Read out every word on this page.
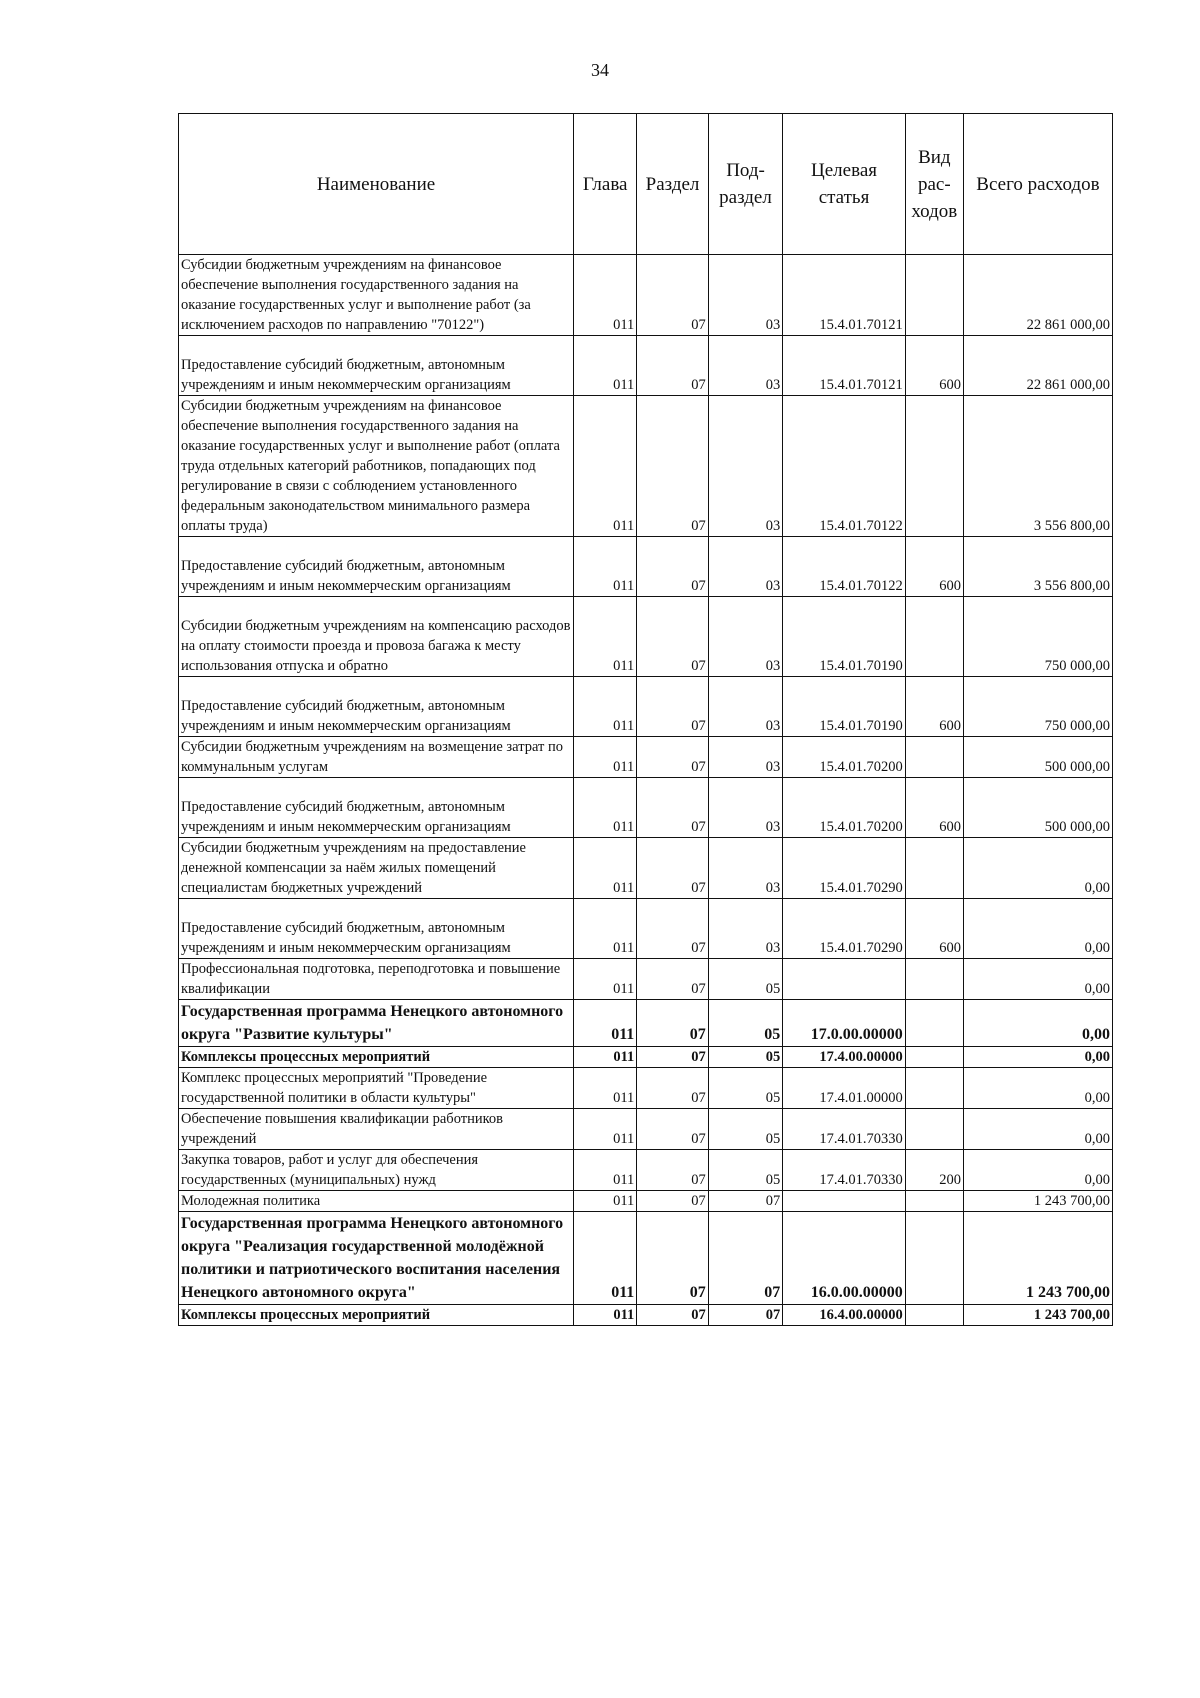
34
Наименование	Глава	Раздел	Под- раздел	Целевая статья	Вид рас- ходов	Всего расходов
Субсидии бюджетным учреждениям на финансовое обеспечение выполнения государственного задания на оказание государственных услуг и выполнение работ (за исключением расходов по направлению "70122")	011	07	03	15.4.01.70121		22 861 000,00
Предоставление субсидий бюджетным, автономным учреждениям и иным некоммерческим организациям	011	07	03	15.4.01.70121	600	22 861 000,00
Субсидии бюджетным учреждениям на финансовое обеспечение выполнения государственного задания на оказание государственных услуг и выполнение работ (оплата труда отдельных категорий работников, попадающих под регулирование в связи с соблюдением установленного федеральным законодательством минимального размера оплаты труда)	011	07	03	15.4.01.70122		3 556 800,00
Предоставление субсидий бюджетным, автономным учреждениям и иным некоммерческим организациям	011	07	03	15.4.01.70122	600	3 556 800,00
Субсидии бюджетным учреждениям на компенсацию расходов на оплату стоимости проезда и провоза багажа к месту использования отпуска и обратно	011	07	03	15.4.01.70190		750 000,00
Предоставление субсидий бюджетным, автономным учреждениям и иным некоммерческим организациям	011	07	03	15.4.01.70190	600	750 000,00
Субсидии бюджетным учреждениям на возмещение затрат по коммунальным услугам	011	07	03	15.4.01.70200		500 000,00
Предоставление субсидий бюджетным, автономным учреждениям и иным некоммерческим организациям	011	07	03	15.4.01.70200	600	500 000,00
Субсидии бюджетным учреждениям на предоставление денежной компенсации за наём жилых помещений специалистам бюджетных учреждений	011	07	03	15.4.01.70290		0,00
Предоставление субсидий бюджетным, автономным учреждениям и иным некоммерческим организациям	011	07	03	15.4.01.70290	600	0,00
Профессиональная подготовка, переподготовка и повышение квалификации	011	07	05			0,00
Государственная программа Ненецкого автономного округа "Развитие культуры"	011	07	05	17.0.00.00000		0,00
Комплексы процессных мероприятий	011	07	05	17.4.00.00000		0,00
Комплекс процессных мероприятий "Проведение государственной политики в области культуры"	011	07	05	17.4.01.00000		0,00
Обеспечение повышения квалификации работников учреждений	011	07	05	17.4.01.70330		0,00
Закупка товаров, работ и услуг для обеспечения государственных (муниципальных) нужд	011	07	05	17.4.01.70330	200	0,00
Молодежная политика	011	07	07			1 243 700,00
Государственная программа Ненецкого автономного округа "Реализация государственной молодёжной политики и патриотического воспитания населения Ненецкого автономного округа"	011	07	07	16.0.00.00000		1 243 700,00
Комплексы процессных мероприятий	011	07	07	16.4.00.00000		1 243 700,00
